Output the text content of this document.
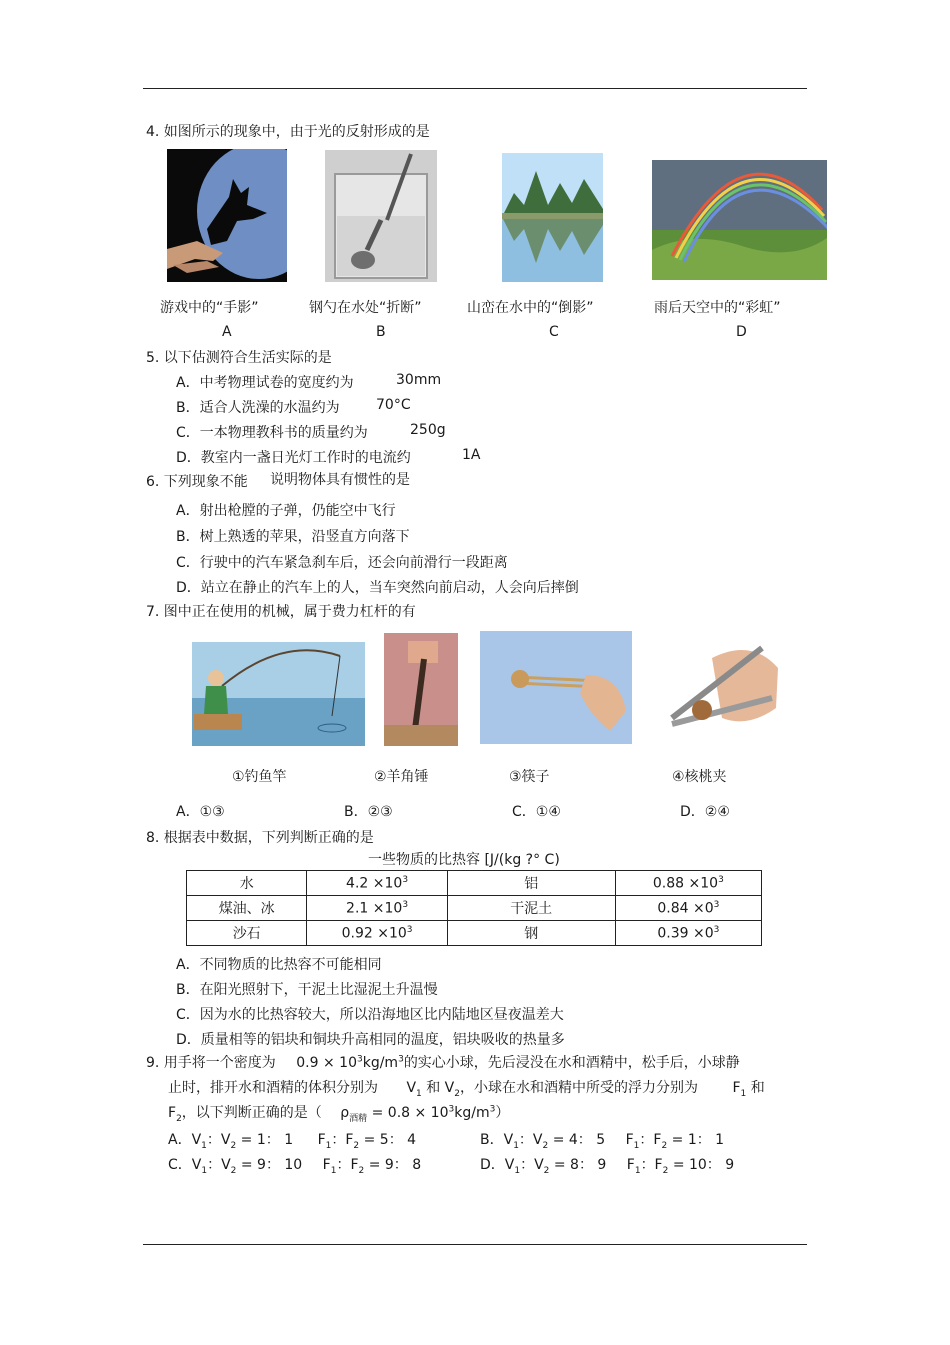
4. 如图所示的现象中，由于光的反射形成的是
游戏中的“手影”	钢勺在水处“折断”	山峦在水中的“倒影”	雨后天空中的“彩虹”
A	B	C	D
5. 以下估测符合生活实际的是
A．中考物理试卷的宽度约为	30mm
B．适合人洗澡的水温约为	70°C
C．一本物理教科书的质量约为	250g
D．教室内一盏日光灯工作时的电流约	1A
6. 下列现象不能 说明物体具有惯性的是
A．射出枪膛的子弹，仍能空中飞行
B．树上熟透的苹果，沿竖直方向落下
C．行驶中的汽车紧急刹车后，还会向前滑行一段距离
D．站立在静止的汽车上的人，当车突然向前启动，人会向后摔倒
7. 图中正在使用的机械，属于费力杠杆的有
①钓鱼竿	②羊角锤	③筷子	④核桃夹
A．①③	B．②③	C．①④	D．②④
8. 根据表中数据，下列判断正确的是
一些物质的比热容 [J/(kg ?° C)
水	$4.2 \times 10^3$	铝	$0.88 \times 10^3$
煤油、冰	$2.1 \times 10^3$	干泥土	$0.84 \times 0^3$
沙石	$0.92 \times 10^3$	钢	$0.39 \times 0^3$
A．不同物质的比热容不可能相同
B．在阳光照射下，干泥土比湿泥土升温慢
C．因为水的比热容较大，所以沿海地区比内陆地区昼夜温差大
D．质量相等的铝块和铜块升高相同的温度，铝块吸收的热量多
9. 用手将一个密度为 $0.9 \times 10^3kg/m^3$的实心小球，先后浸没在水和酒精中，松手后，小球静
止时，排开水和酒精的体积分别为 $V_1$ 和 $V_2$，小球在水和酒精中所受的浮力分别为 $F_1$ 和
$F_2$，以下判断正确的是（ $\rho_{酒精} = 0.8 \times 10^3kg/m^3$）
A．$V_1$：$V_2 = 1$： 1 $F_1$：$F_2 = 5$： 4	B．$V_1$：$V_2 = 4$： 5 $F_1$：$F_2 = 1$： 1
C．$V_1$：$V_2 = 9$： 10 $F_1$：$F_2 = 9$： 8	D．$V_1$：$V_2 = 8$： 9 $F_1$：$F_2 = 10$： 9
